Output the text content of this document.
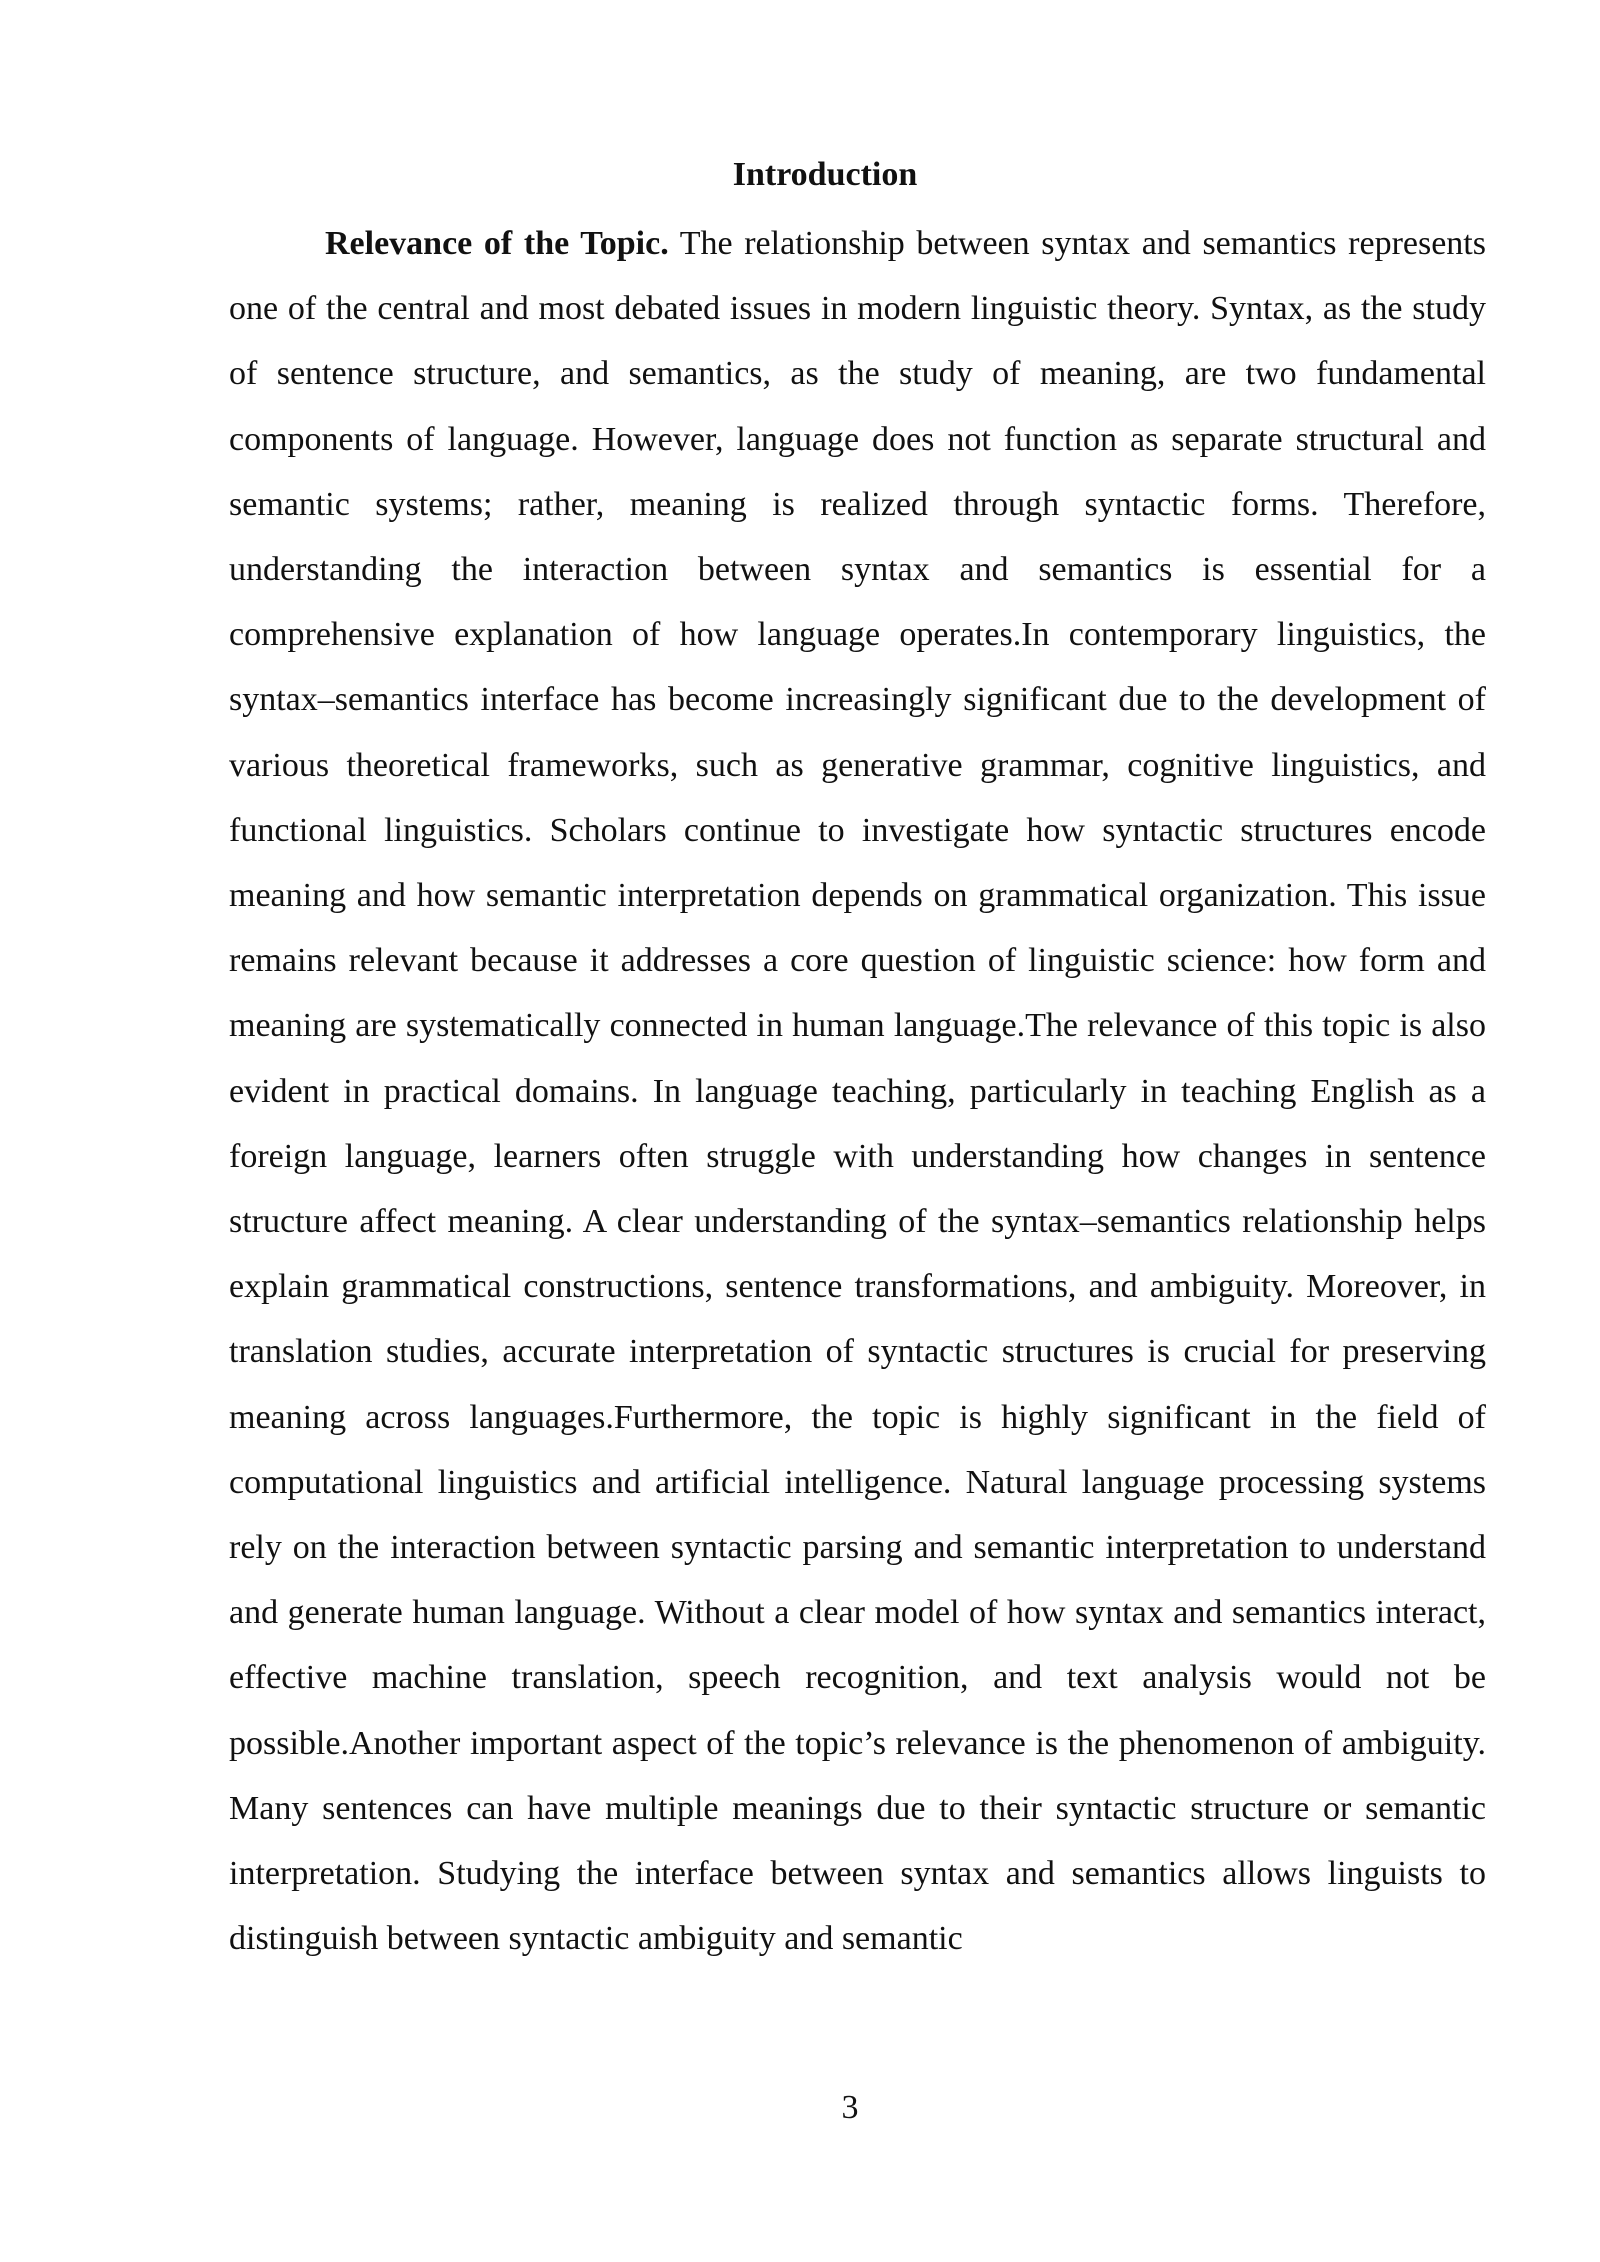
Introduction

Relevance of the Topic. The relationship between syntax and semantics represents one of the central and most debated issues in modern linguistic theory. Syntax, as the study of sentence structure, and semantics, as the study of meaning, are two fundamental components of language. However, language does not function as separate structural and semantic systems; rather, meaning is realized through syntactic forms. Therefore, understanding the interaction between syntax and semantics is essential for a comprehensive explanation of how language operates.In contemporary linguistics, the syntax–semantics interface has become increasingly significant due to the development of various theoretical frameworks, such as generative grammar, cognitive linguistics, and functional linguistics. Scholars continue to investigate how syntactic structures encode meaning and how semantic interpretation depends on grammatical organization. This issue remains relevant because it addresses a core question of linguistic science: how form and meaning are systematically connected in human language.The relevance of this topic is also evident in practical domains. In language teaching, particularly in teaching English as a foreign language, learners often struggle with understanding how changes in sentence structure affect meaning. A clear understanding of the syntax–semantics relationship helps explain grammatical constructions, sentence transformations, and ambiguity. Moreover, in translation studies, accurate interpretation of syntactic structures is crucial for preserving meaning across languages.Furthermore, the topic is highly significant in the field of computational linguistics and artificial intelligence. Natural language processing systems rely on the interaction between syntactic parsing and semantic interpretation to understand and generate human language. Without a clear model of how syntax and semantics interact, effective machine translation, speech recognition, and text analysis would not be possible.Another important aspect of the topic’s relevance is the phenomenon of ambiguity. Many sentences can have multiple meanings due to their syntactic structure or semantic interpretation. Studying the interface between syntax and semantics allows linguists to distinguish between syntactic ambiguity and semantic

3
